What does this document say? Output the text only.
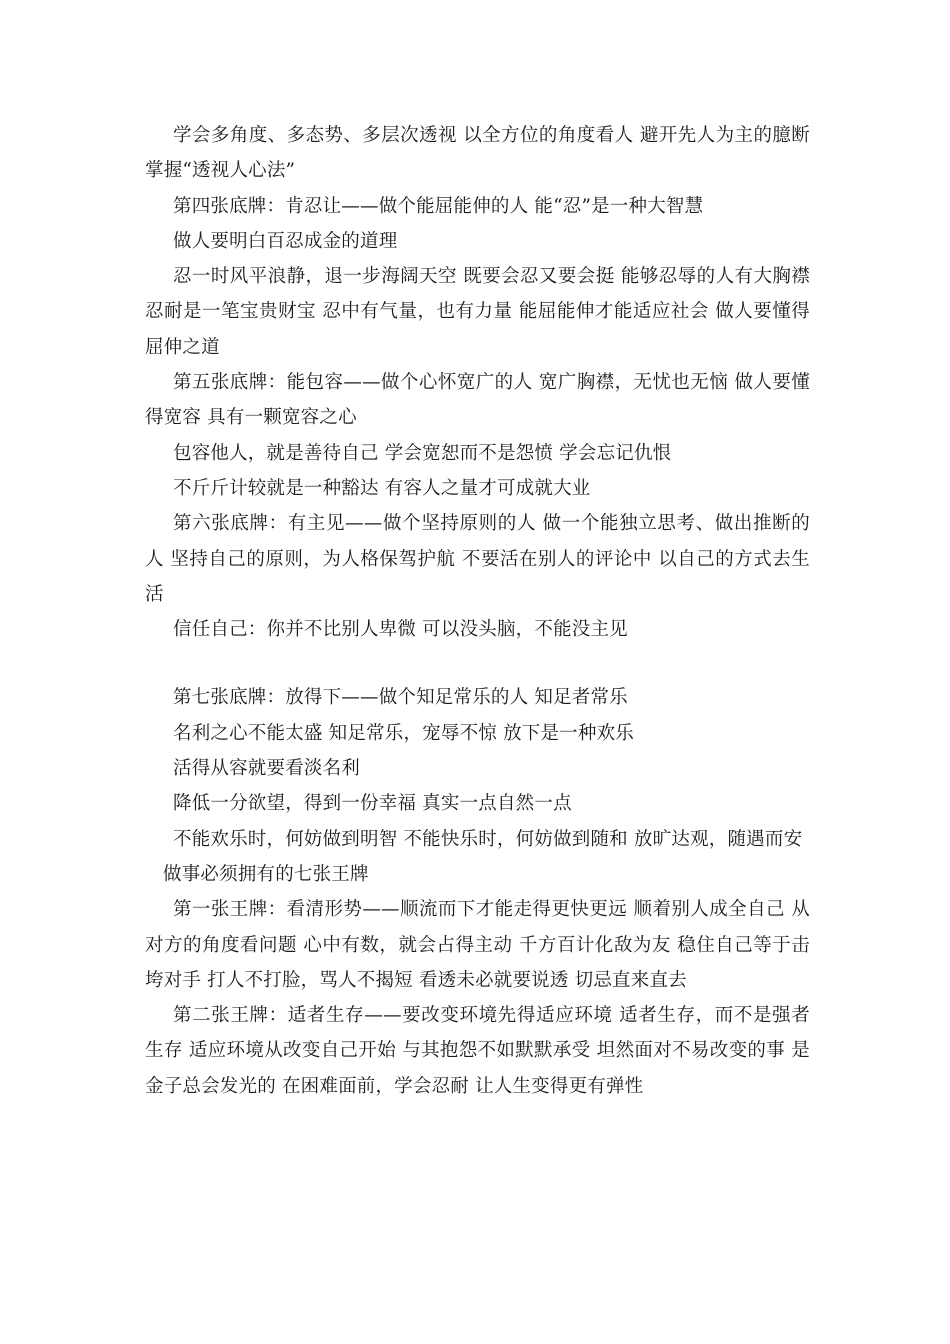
学会多角度、多态势、多层次透视 以全方位的角度看人 避开先人为主的臆断 掌握“透视人心法”

第四张底牌：肯忍让——做个能屈能伸的人 能“忍”是一种大智慧

做人要明白百忍成金的道理

忍一时风平浪静，退一步海阔天空 既要会忍又要会挺 能够忍辱的人有大胸襟 忍耐是一笔宝贵财宝 忍中有气量，也有力量 能屈能伸才能适应社会 做人要懂得屈伸之道

第五张底牌：能包容——做个心怀宽广的人 宽广胸襟，无忧也无恼 做人要懂得宽容 具有一颗宽容之心

包容他人，就是善待自己 学会宽恕而不是怨愤 学会忘记仇恨

不斤斤计较就是一种豁达 有容人之量才可成就大业

第六张底牌：有主见——做个坚持原则的人 做一个能独立思考、做出推断的人 坚持自己的原则，为人格保驾护航 不要活在别人的评论中 以自己的方式去生活

信任自己：你并不比别人卑微 可以没头脑，不能没主见

第七张底牌：放得下——做个知足常乐的人 知足者常乐

名利之心不能太盛 知足常乐，宠辱不惊 放下是一种欢乐

活得从容就要看淡名利

降低一分欲望，得到一份幸福 真实一点自然一点

不能欢乐时，何妨做到明智 不能快乐时，何妨做到随和 放旷达观，随遇而安

做事必须拥有的七张王牌

第一张王牌：看清形势——顺流而下才能走得更快更远 顺着别人成全自己 从对方的角度看问题 心中有数，就会占得主动 千方百计化敌为友 稳住自己等于击垮对手 打人不打脸，骂人不揭短 看透未必就要说透 切忌直来直去

第二张王牌：适者生存——要改变环境先得适应环境 适者生存，而不是强者生存 适应环境从改变自己开始 与其抱怨不如默默承受 坦然面对不易改变的事 是金子总会发光的 在困难面前，学会忍耐 让人生变得更有弹性
